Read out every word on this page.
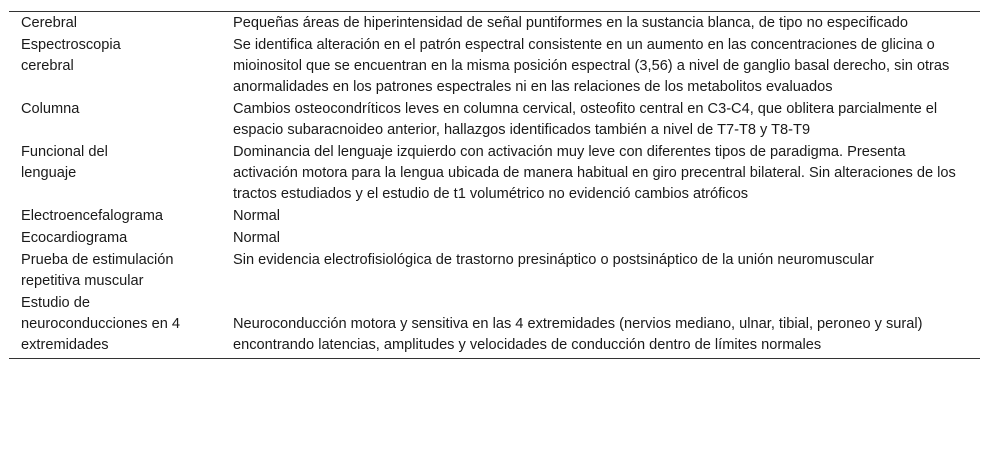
Cerebral	Pequeñas áreas de hiperintensidad de señal puntiformes en la sustancia blanca, de tipo no especificado
Espectroscopia cerebral	Se identifica alteración en el patrón espectral consistente en un aumento en las concentraciones de glicina o mioinositol que se encuentran en la misma posición espectral (3,56) a nivel de ganglio basal derecho, sin otras anormalidades en los patrones espectrales ni en las relaciones de los metabolitos evaluados
Columna	Cambios osteocondríticos leves en columna cervical, osteofito central en C3-C4, que oblitera parcialmente el espacio subaracnoideo anterior, hallazgos identificados también a nivel de T7-T8 y T8-T9
Funcional del lenguaje	Dominancia del lenguaje izquierdo con activación muy leve con diferentes tipos de paradigma. Presenta activación motora para la lengua ubicada de manera habitual en giro precentral bilateral. Sin alteraciones de los tractos estudiados y el estudio de t1 volumétrico no evidenció cambios atróficos
Electroencefalograma	Normal
Ecocardiograma	Normal
Prueba de estimulación repetitiva muscular	Sin evidencia electrofisiológica de trastorno presináptico o postsináptico de la unión neuromuscular
Estudio de neuroconducciones en 4 extremidades	Neuroconducción motora y sensitiva en las 4 extremidades (nervios mediano, ulnar, tibial, peroneo y sural) encontrando latencias, amplitudes y velocidades de conducción dentro de límites normales
